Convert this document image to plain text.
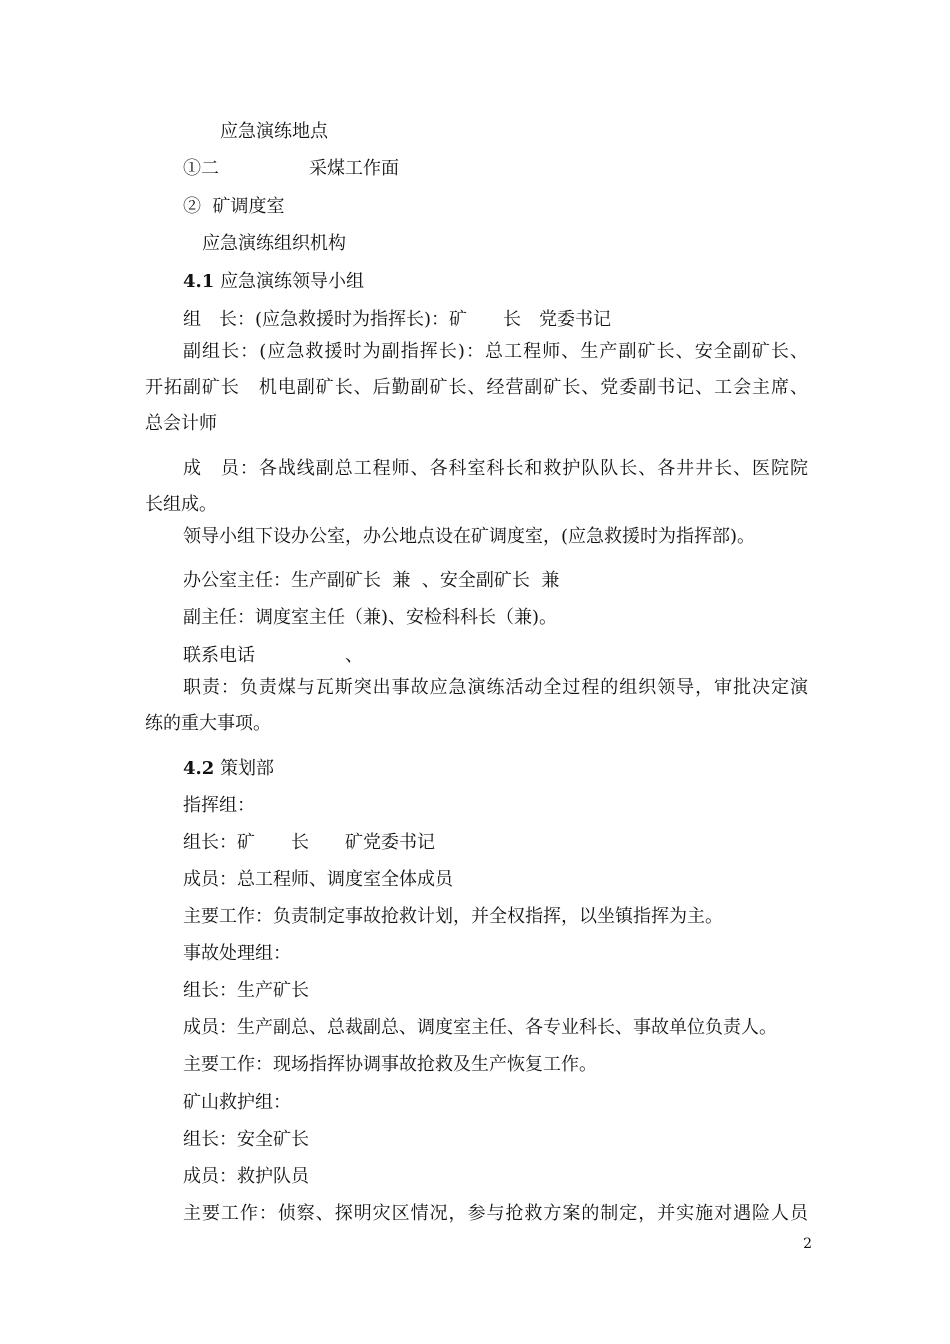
应急演练地点
①二　　　　　采煤工作面
②  矿调度室
应急演练组织机构
4.1 应急演练领导小组
组　长：(应急救援时为指挥长)：矿　　长　党委书记
副组长：(应急救援时为副指挥长)：总工程师、生产副矿长、安全副矿长、
开拓副矿长　机电副矿长、后勤副矿长、经营副矿长、党委副书记、工会主席、
总会计师
成　员：各战线副总工程师、各科室科长和救护队队长、各井井长、医院院
长组成。
领导小组下设办公室，办公地点设在矿调度室，(应急救援时为指挥部)。
办公室主任：生产副矿长  兼  、安全副矿长  兼
副主任：调度室主任（兼)、安检科科长（兼)。
联系电话　　　　　、
职责：负责煤与瓦斯突出事故应急演练活动全过程的组织领导，审批决定演
练的重大事项。
4.2 策划部
指挥组：
组长：矿　　长　　矿党委书记
成员：总工程师、调度室全体成员
主要工作：负责制定事故抢救计划，并全权指挥，以坐镇指挥为主。
事故处理组：
组长：生产矿长
成员：生产副总、总裁副总、调度室主任、各专业科长、事故单位负责人。
主要工作：现场指挥协调事故抢救及生产恢复工作。
矿山救护组：
组长：安全矿长
成员：救护队员
主要工作：侦察、探明灾区情况，参与抢救方案的制定，并实施对遇险人员
2
